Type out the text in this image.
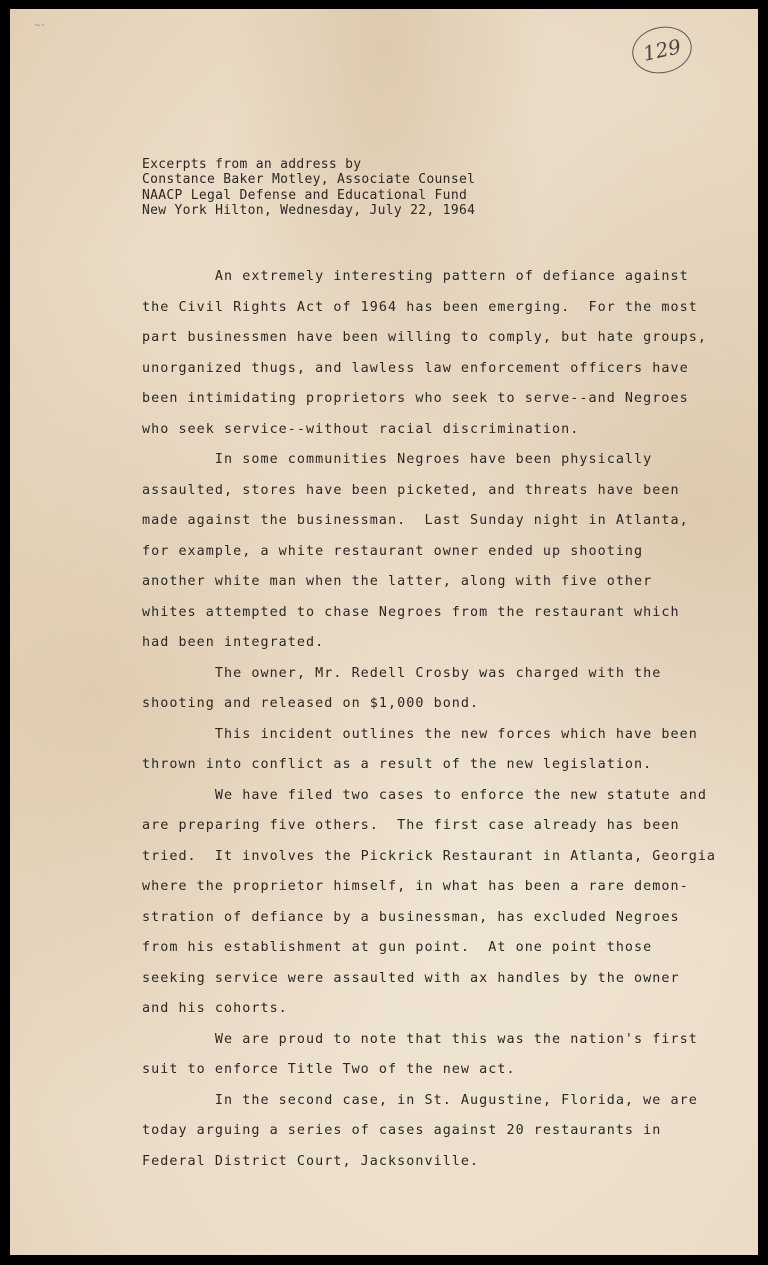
~·
129
Excerpts from an address by
Constance Baker Motley, Associate Counsel
NAACP Legal Defense and Educational Fund
New York Hilton, Wednesday, July 22, 1964
An extremely interesting pattern of defiance against
the Civil Rights Act of 1964 has been emerging.  For the most
part businessmen have been willing to comply, but hate groups,
unorganized thugs, and lawless law enforcement officers have
been intimidating proprietors who seek to serve--and Negroes
who seek service--without racial discrimination.
In some communities Negroes have been physically
assaulted, stores have been picketed, and threats have been
made against the businessman.  Last Sunday night in Atlanta,
for example, a white restaurant owner ended up shooting
another white man when the latter, along with five other
whites attempted to chase Negroes from the restaurant which
had been integrated.
The owner, Mr. Redell Crosby was charged with the
shooting and released on $1,000 bond.
This incident outlines the new forces which have been
thrown into conflict as a result of the new legislation.
We have filed two cases to enforce the new statute and
are preparing five others.  The first case already has been
tried.  It involves the Pickrick Restaurant in Atlanta, Georgia
where the proprietor himself, in what has been a rare demon-
stration of defiance by a businessman, has excluded Negroes
from his establishment at gun point.  At one point those
seeking service were assaulted with ax handles by the owner
and his cohorts.
We are proud to note that this was the nation's first
suit to enforce Title Two of the new act.
In the second case, in St. Augustine, Florida, we are
today arguing a series of cases against 20 restaurants in
Federal District Court, Jacksonville.
